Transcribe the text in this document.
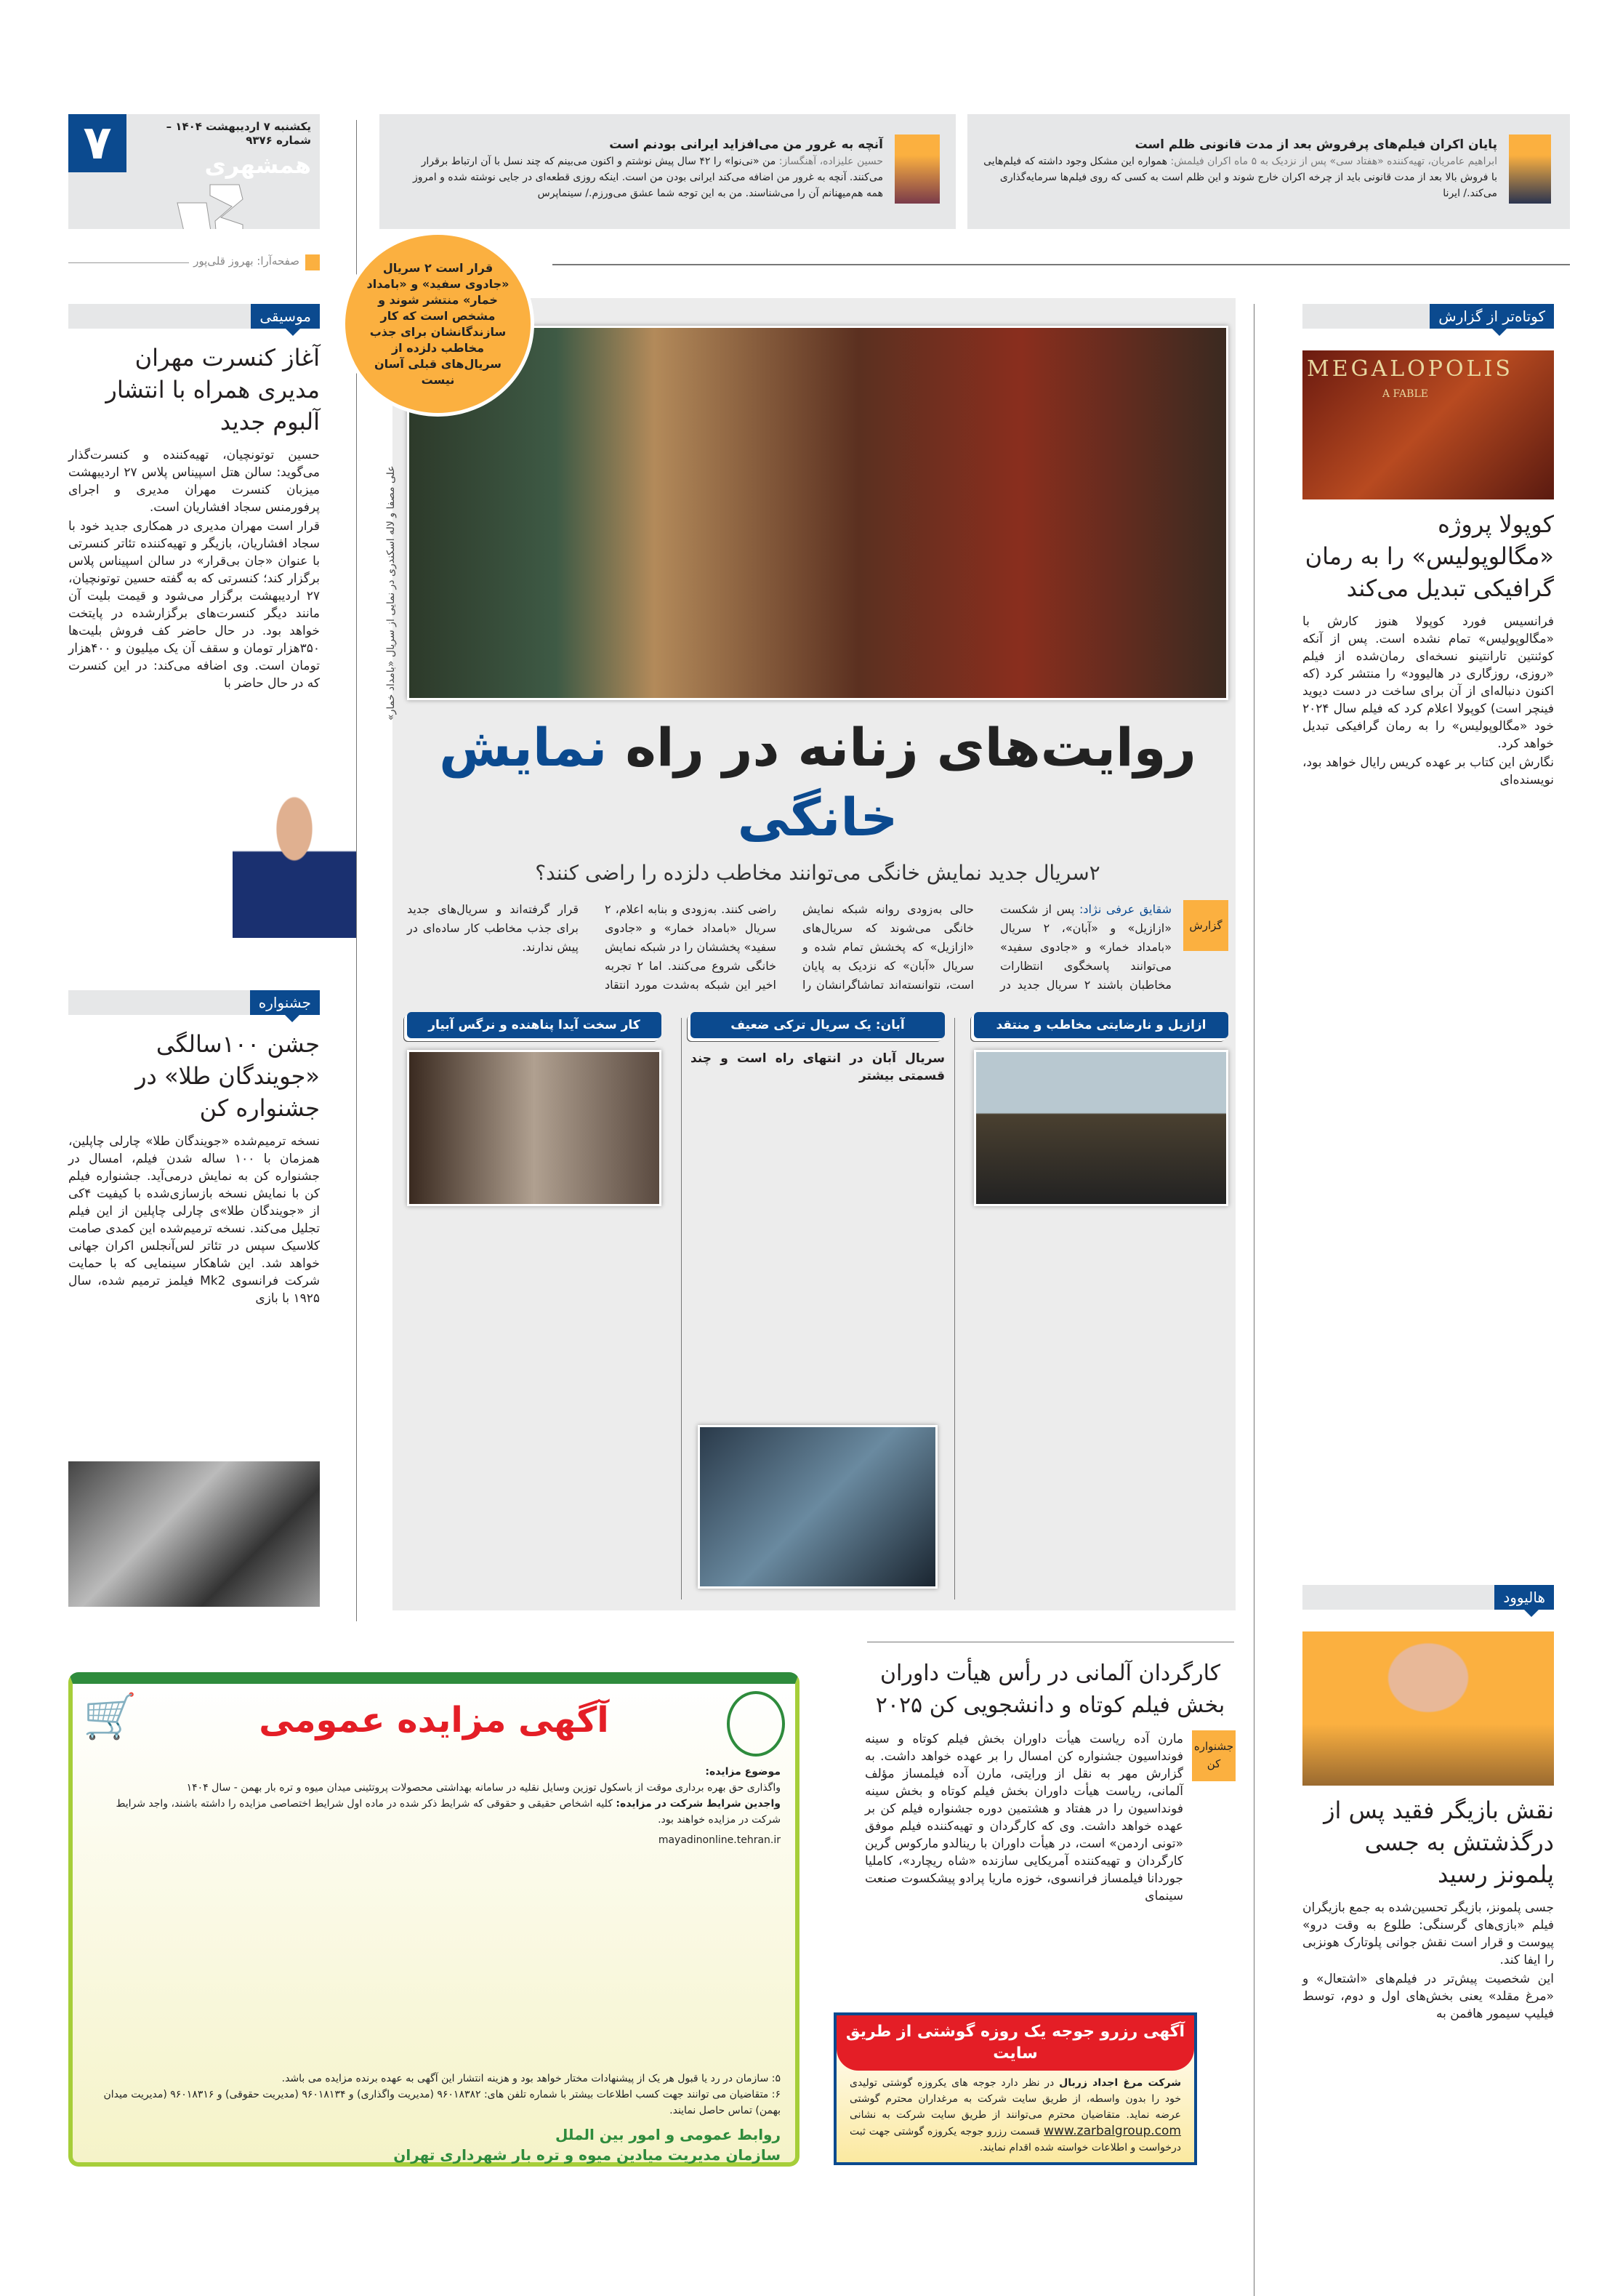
۷	یکشنبه ۷ اردیبهشت ۱۴۰۴ –شماره ۹۳۷۶
همشهری
صفحه‌آرا: بهروز قلی‌پور
آنچه به غرور من می‌افزاید ایرانی بودنم است
حسین علیزاده، آهنگساز: من «نی‌نوا» را ۴۲ سال پیش نوشتم و اکنون می‌بینم که چند نسل با آن ارتباط برقرار می‌کنند. آنچه به غرور من اضافه می‌کند ایرانی بودن من است. اینکه روزی قطعه‌ای در جایی نوشته شده و امروز همه هم‌میهنانم آن را می‌شناسند. من به این توجه شما عشق می‌ورزم./ سینماپرس
پایان اکران فیلم‌های پرفروش بعد از مدت قانونی ظلم است
ابراهیم عامریان، تهیه‌کننده «هفتاد سی» پس از نزدیک به ۵ ماه اکران فیلمش: همواره این مشکل وجود داشته که فیلم‌هایی با فروش بالا بعد از مدت قانونی باید از چرخه اکران خارج شوند و این ظلم است به کسی که روی فیلم‌ها سرمایه‌گذاری می‌کند./ ایرنا
موسیقی
آغاز کنسرت مهران مدیری همراه با انتشار آلبوم جدید

حسین توتونچیان، تهیه‌کننده و کنسرت‌گذار می‌گوید: سالن هتل اسپیناس پلاس ۲۷ اردیبهشت میزبان کنسرت مهران مدیری و اجرای پرفورمنس سجاد افشاریان است.

قرار است مهران مدیری در همکاری جدید خود با سجاد افشاریان، بازیگر و تهیه‌کننده تئاتر کنسرتی با عنوان «جان بی‌قرار» در سالن اسپیناس پلاس برگزار کند؛ کنسرتی که به گفته حسین توتونچیان، ۲۷ اردیبهشت برگزار می‌شود و قیمت بلیت آن مانند دیگر کنسرت‌های برگزارشده در پایتخت خواهد بود. در حال حاضر کف فروش بلیت‌ها ۳۵۰هزار تومان و سقف آن یک میلیون و ۴۰۰هزار تومان است. وی اضافه می‌کند: در این کنسرت که در حال حاضر با

جشنواره
جشن ۱۰۰سالگی «جویندگان طلا» در جشنواره کن

نسخه ترمیم‌شده «جویندگان طلا» چارلی چاپلین، همزمان با ۱۰۰ ساله شدن فیلم، امسال در جشنواره کن به نمایش درمی‌آید. جشنواره فیلم کن با نمایش نسخه بازسازی‌شده با کیفیت ۴کی از «جویندگان طلا»ی چارلی چاپلین از این فیلم تجلیل می‌کند. نسخه ترمیم‌شده این کمدی صامت کلاسیک سپس در تئاتر لس‌آنجلس اکران جهانی خواهد شد. این شاهکار سینمایی که با حمایت شرکت فرانسوی Mk2 فیلمز ترمیم شده، سال ۱۹۲۵ با بازی

علی مصفا و لاله اسکندری در نمایی از سریال «بامداد خمار»
قرار است ۲ سریال «جادوی سفید» و «بامداد خمار» منتشر شوند و مشخص است که کار سازندگانشان برای جذب مخاطب دلزده از سریال‌های قبلی آسان نیست
روایت‌های زنانه در راه نمایش خانگی
۲سریال جدید نمایش خانگی می‌توانند مخاطب دلزده را راضی کنند؟
گزارش
شقایق عرفی نژاد: پس از شکست «ازازیل» و «آبان»، ۲ سریال «بامداد خمار» و «جادوی سفید» می‌توانند پاسخگوی انتظارات مخاطبان باشند ۲ سریال جدید در حالی به‌زودی روانه شبکه نمایش خانگی می‌شوند که سریال‌های «ازازیل» که پخشش تمام شده و سریال «آبان» که نزدیک به پایان است، نتوانسته‌اند تماشاگرانشان را راضی کنند. به‌زودی و بنابه اعلام، ۲ سریال «بامداد خمار» و «جادوی سفید» پخششان را در شبکه نمایش خانگی شروع می‌کنند. اما ۲ تجربه اخیر این شبکه به‌شدت مورد انتقاد قرار گرفته‌اند و سریال‌های جدید برای جذب مخاطب کار ساده‌ای در پیش ندارند.
ازازیل و نارضایتی مخاطب و منتقد
آبان: یک سریال ترکی ضعیف
سریال آبان در انتهای راه است و چند قسمتی بیشتر
کار سخت آیدا پناهنده و نرگس آبیار
کوتاه‌تر از گزارش
MEGALOPOLIS
A FABLE
کوپولا پروژه «مگالوپولیس» را به رمان گرافیکی تبدیل می‌کند

فرانسیس فورد کوپولا هنوز کارش با «مگالوپولیس» تمام نشده است. پس از آنکه کوئنتین تارانتینو نسخه‌ای رمان‌شده از فیلم «روزی، روزگاری در هالیوود» را منتشر کرد (که اکنون دنباله‌ای از آن برای ساخت در دست دیوید فینچر است) کوپولا اعلام کرد که فیلم سال ۲۰۲۴ خود «مگالوپولیس» را به رمان گرافیکی تبدیل خواهد کرد.

نگارش این کتاب بر عهده کریس رایال خواهد بود، نویسنده‌ای

هالیوود
نقش بازیگر فقید پس از درگذشتش به جسی پلمونز رسید

جسی پلمونز، بازیگر تحسین‌شده به جمع بازیگران فیلم «بازی‌های گرسنگی: طلوع به وقت درو» پیوست و قرار است نقش جوانی پلوتارک هونزبی را ایفا کند.

این شخصیت پیش‌تر در فیلم‌های «اشتعال» و «مرغ مقلد» یعنی بخش‌های اول و دوم، توسط فیلیپ سیمور هافمن به

کارگردان آلمانی در رأس هیأت داوران بخش فیلم کوتاه و دانشجویی کن ۲۰۲۵
جشنواره کن

مارن آده ریاست هیأت داوران بخش فیلم کوتاه و سینه فونداسیون جشنواره کن امسال را بر عهده خواهد داشت. به گزارش مهر به نقل از ورایتی، مارن آده فیلمساز مؤلف آلمانی، ریاست هیأت داوران بخش فیلم کوتاه و بخش سینه فونداسیون را در هفتاد و هشتمین دوره جشنواره فیلم کن بر عهده خواهد داشت. وی که کارگردان و تهیه‌کننده فیلم موفق «تونی اردمن» است، در هیأت داوران با رینالدو مارکوس گرین کارگردان و تهیه‌کننده آمریکایی سازنده «شاه ریچارد»، کاملیا جوردانا فیلمساز فرانسوی، خوزه ماریا پرادو پیشکسوت صنعت سینمای

🛒	آگهی مزایده عمومی
موضوع مزایده:
واگذاری حق بهره برداری موقت از باسکول توزین وسایل نقلیه در سامانه بهداشتی محصولات پروتئینی میدان میوه و تره بار بهمن - سال ۱۴۰۴
واجدین شرایط شرکت در مزایده: کلیه اشخاص حقیقی و حقوقی که شرایط ذکر شده در ماده اول شرایط اختصاصی مزایده را داشته باشند، واجد شرایط شرکت در مزایده خواهند بود.
mayadinonline.tehran.ir
۵: سازمان در رد یا قبول هر یک از پیشنهادات مختار خواهد بود و هزینه انتشار این آگهی به عهده برنده مزایده می باشد.
۶: متقاضیان می توانند جهت کسب اطلاعات بیشتر با شماره تلفن های: ۹۶۰۱۸۳۸۲ (مدیریت واگذاری) و ۹۶۰۱۸۱۳۴ (مدیریت حقوقی) و ۹۶۰۱۸۳۱۶ (مدیریت میدان بهمن) تماس حاصل نمایند.
روابط عمومی و امور بین الملل
سازمان مدیریت میادین میوه و تره بار شهرداری تهران
آگهی رزرو جوجه یک روزه گوشتی از طریق سایت
شرکت مرغ اجداد زربال در نظر دارد جوجه های یکروزه گوشتی تولیدی خود را بدون واسطه، از طریق سایت شرکت به مرغداران محترم گوشتی عرضه نماید. متقاضیان محترم می‌توانند از طریق سایت شرکت به نشانی www.zarbalgroup.com قسمت رزرو جوجه یکروزه گوشتی جهت ثبت درخواست و اطلاعات خواسته شده اقدام نمایند.
